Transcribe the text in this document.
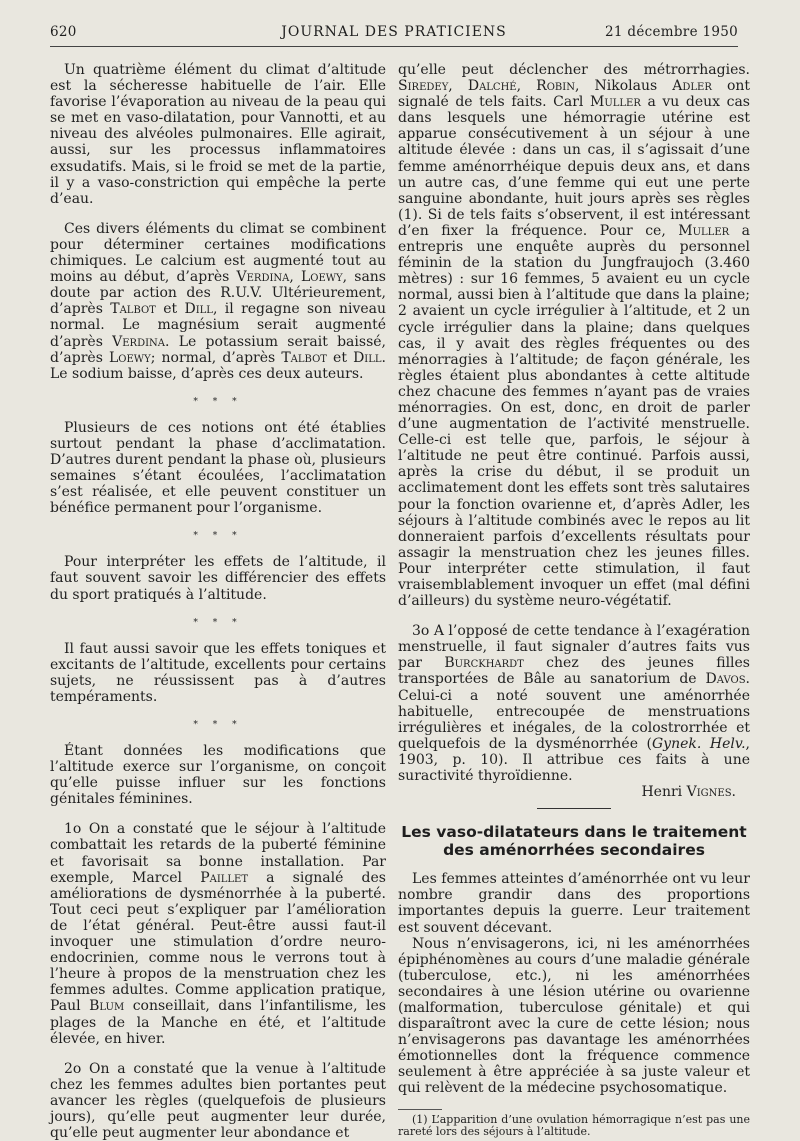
620	JOURNAL DES PRATICIENS	21 décembre 1950

Un quatrième élément du climat d’altitude est la sécheresse habituelle de l’air. Elle favorise l’évaporation au niveau de la peau qui se met en vaso-dilatation, pour Vannotti, et au niveau des alvéoles pulmonaires. Elle agirait, aussi, sur les processus inflammatoires exsudatifs. Mais, si le froid se met de la partie, il y a vaso-constriction qui empêche la perte d’eau.

Ces divers éléments du climat se combinent pour déterminer certaines modifications chimiques. Le calcium est augmenté tout au moins au début, d’après Verdina, Loewy, sans doute par action des R.U.V. Ultérieurement, d’après Talbot et Dill, il regagne son niveau normal. Le magnésium serait augmenté d’après Verdina. Le potassium serait baissé, d’après Loewy; normal, d’après Talbot et Dill. Le sodium baisse, d’après ces deux auteurs.

* * *

Plusieurs de ces notions ont été établies surtout pendant la phase d’acclimatation. D’autres durent pendant la phase où, plusieurs semaines s’étant écoulées, l’acclimatation s’est réalisée, et elle peuvent constituer un bénéfice permanent pour l’organisme.

* * *

Pour interpréter les effets de l’altitude, il faut souvent savoir les différencier des effets du sport pratiqués à l’altitude.

* * *

Il faut aussi savoir que les effets toniques et excitants de l’altitude, excellents pour certains sujets, ne réussissent pas à d’autres tempéraments.

* * *

Étant données les modifications que l’altitude exerce sur l’organisme, on conçoit qu’elle puisse influer sur les fonctions génitales féminines.

1o On a constaté que le séjour à l’altitude combattait les retards de la puberté féminine et favorisait sa bonne installation. Par exemple, Marcel Paillet a signalé des améliorations de dysménorrhée à la puberté. Tout ceci peut s’expliquer par l’amélioration de l’état général. Peut-être aussi faut-il invoquer une stimulation d’ordre neuro-endocrinien, comme nous le verrons tout à l’heure à propos de la menstruation chez les femmes adultes. Comme application pratique, Paul Blum conseillait, dans l’infantilisme, les plages de la Manche en été, et l’altitude élevée, en hiver.

2o On a constaté que la venue à l’altitude chez les femmes adultes bien portantes peut avancer les règles (quelquefois de plusieurs jours), qu’elle peut augmenter leur durée, qu’elle peut augmenter leur abondance et

qu’elle peut déclencher des métrorrhagies. Siredey, Dalché, Robin, Nikolaus Adler ont signalé de tels faits. Carl Muller a vu deux cas dans lesquels une hémorragie utérine est apparue consécutivement à un séjour à une altitude élevée : dans un cas, il s’agissait d’une femme aménorrhéique depuis deux ans, et dans un autre cas, d’une femme qui eut une perte sanguine abondante, huit jours après ses règles (1). Si de tels faits s’observent, il est intéressant d’en fixer la fréquence. Pour ce, Muller a entrepris une enquête auprès du personnel féminin de la station du Jungfraujoch (3.460 mètres) : sur 16 femmes, 5 avaient eu un cycle normal, aussi bien à l’altitude que dans la plaine; 2 avaient un cycle irrégulier à l’altitude, et 2 un cycle irrégulier dans la plaine; dans quelques cas, il y avait des règles fréquentes ou des ménorragies à l’altitude; de façon générale, les règles étaient plus abondantes à cette altitude chez chacune des femmes n’ayant pas de vraies ménorragies. On est, donc, en droit de parler d’une augmentation de l’activité menstruelle. Celle-ci est telle que, parfois, le séjour à l’altitude ne peut être continué. Parfois aussi, après la crise du début, il se produit un acclimatement dont les effets sont très salutaires pour la fonction ovarienne et, d’après Adler, les séjours à l’altitude combinés avec le repos au lit donneraient parfois d’excellents résultats pour assagir la menstruation chez les jeunes filles. Pour interpréter cette stimulation, il faut vraisemblablement invoquer un effet (mal défini d’ailleurs) du système neuro-végétatif.

3o A l’opposé de cette tendance à l’exagération menstruelle, il faut signaler d’autres faits vus par Burckhardt chez des jeunes filles transportées de Bâle au sanatorium de Davos. Celui-ci a noté souvent une aménorrhée habituelle, entrecoupée de menstruations irrégulières et inégales, de la colostrorrhée et quelquefois de la dysménorrhée (Gynek. Helv., 1903, p. 10). Il attribue ces faits à une suractivité thyroïdienne.

Henri Vignes.

Les vaso-dilatateurs dans le traitement des aménorrhées secondaires

Les femmes atteintes d’aménorrhée ont vu leur nombre grandir dans des proportions importantes depuis la guerre. Leur traitement est souvent décevant.

Nous n’envisagerons, ici, ni les aménorrhées épiphénomènes au cours d’une maladie générale (tuberculose, etc.), ni les aménorrhées secondaires à une lésion utérine ou ovarienne (malformation, tuberculose génitale) et qui disparaîtront avec la cure de cette lésion; nous n’envisagerons pas davantage les aménorrhées émotionnelles dont la fréquence commence seulement à être appréciée à sa juste valeur et qui relèvent de la médecine psychosomatique.

(1) L’apparition d’une ovulation hémorragique n’est pas une rareté lors des séjours à l’altitude.
